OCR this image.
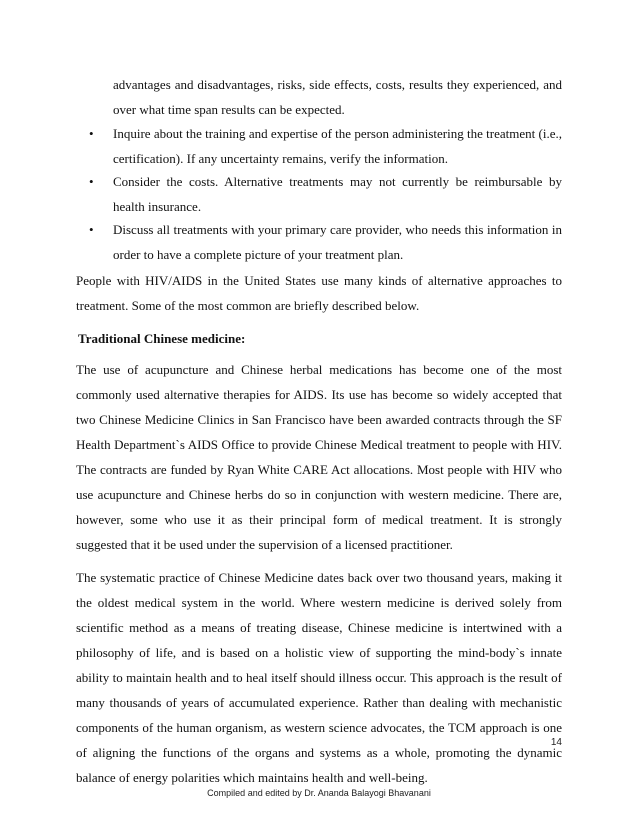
advantages and disadvantages, risks, side effects, costs, results they experienced, and over what time span results can be expected.
• Inquire about the training and expertise of the person administering the treatment (i.e., certification). If any uncertainty remains, verify the information.
• Consider the costs. Alternative treatments may not currently be reimbursable by health insurance.
• Discuss all treatments with your primary care provider, who needs this information in order to have a complete picture of your treatment plan.

People with HIV/AIDS in the United States use many kinds of alternative approaches to treatment. Some of the most common are briefly described below.

Traditional Chinese medicine:

The use of acupuncture and Chinese herbal medications has become one of the most commonly used alternative therapies for AIDS. Its use has become so widely accepted that two Chinese Medicine Clinics in San Francisco have been awarded contracts through the SF Health Department`s AIDS Office to provide Chinese Medical treatment to people with HIV. The contracts are funded by Ryan White CARE Act allocations. Most people with HIV who use acupuncture and Chinese herbs do so in conjunction with western medicine. There are, however, some who use it as their principal form of medical treatment. It is strongly suggested that it be used under the supervision of a licensed practitioner.

The systematic practice of Chinese Medicine dates back over two thousand years, making it the oldest medical system in the world. Where western medicine is derived solely from scientific method as a means of treating disease, Chinese medicine is intertwined with a philosophy of life, and is based on a holistic view of supporting the mind-body`s innate ability to maintain health and to heal itself should illness occur. This approach is the result of many thousands of years of accumulated experience. Rather than dealing with mechanistic components of the human organism, as western science advocates, the TCM approach is one of aligning the functions of the organs and systems as a whole, promoting the dynamic balance of energy polarities which maintains health and well-being.

14
Compiled and edited by Dr. Ananda Balayogi Bhavanani
